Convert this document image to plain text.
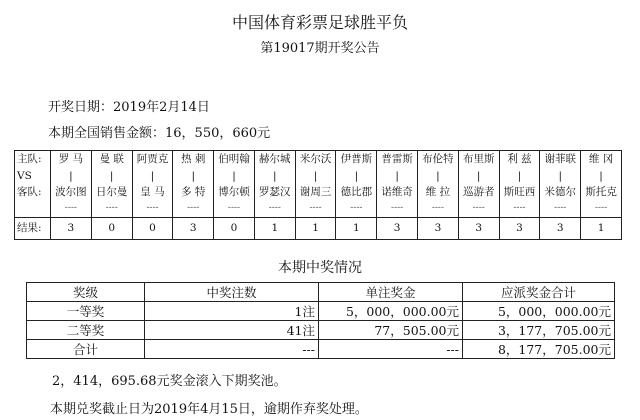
中国体育彩票足球胜平负
第19017期开奖公告
开奖日期：2019年2月14日
本期全国销售金额：16，550，660元
主队:	罗 马	曼 联	阿贾克	热 刺	伯明翰	赫尔城	米尔沃	伊普斯	普雷斯	布伦特	布里斯	利 兹	谢菲联	维 冈
VS	|	|	|	|	|	|	|	|	|	|	|	|	|	|
客队:	波尔图	日尔曼	皇 马	多 特	博尔顿	罗瑟汉	谢周三	德比郡	诺维奇	维 拉	巡游者	斯旺西	米德尔	斯托克
	----	----	----	----	----	----	----	----	----	----	----	----	----	----
结果:	3	0	0	3	0	1	1	1	3	3	3	3	3	1
本期中奖情况
奖级	中奖注数	单注奖金	应派奖金合计
一等奖	1注	5，000，000.00元	5，000，000.00元
二等奖	41注	77，505.00元	3，177，705.00元
合计	---	---	8，177，705.00元
2，414，695.68元奖金滚入下期奖池。
本期兑奖截止日为2019年4月15日，逾期作弃奖处理。
